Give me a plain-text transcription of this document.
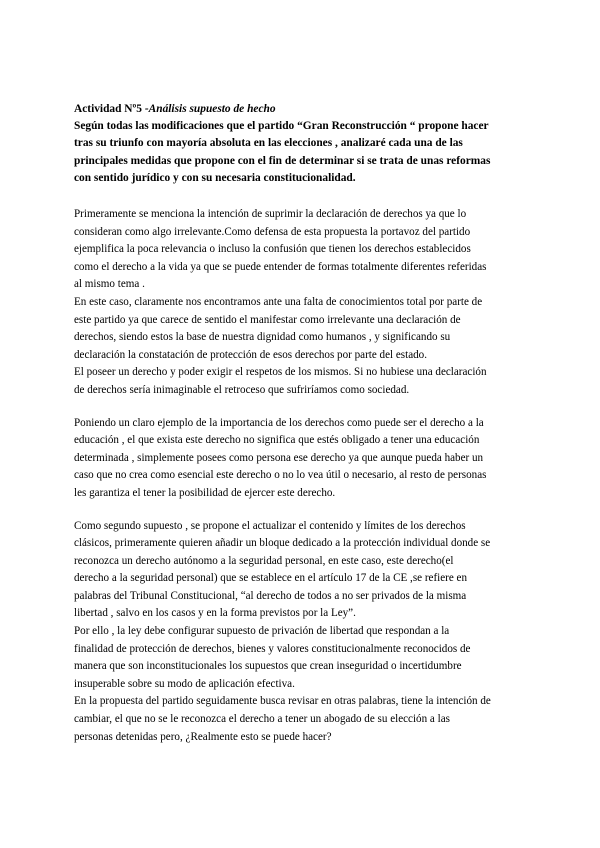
Actividad Nº5 -Análisis supuesto de hecho
Según todas las modificaciones que el partido “Gran Reconstrucción “ propone hacer
tras su triunfo con mayoría absoluta en las elecciones , analizaré cada una de las
principales medidas que propone con el fin de determinar si se trata de unas reformas
con sentido jurídico y con su necesaria constitucionalidad.
Primeramente se menciona la intención de suprimir la declaración de derechos ya que lo
consideran como algo irrelevante.Como defensa de esta propuesta la portavoz del partido
ejemplifica la poca relevancia o incluso la confusión que tienen los derechos establecidos
como el derecho a la vida ya que se puede entender de formas totalmente diferentes referidas
al mismo tema .
En este caso, claramente nos encontramos ante una falta de conocimientos total por parte de
este partido ya que carece de sentido el manifestar como irrelevante una declaración de
derechos, siendo estos la base de nuestra dignidad como humanos , y significando su
declaración la constatación de protección de esos derechos por parte del estado.
El poseer un derecho y poder exigir el respetos de los mismos. Si no hubiese una declaración
de derechos sería inimaginable el retroceso que sufriríamos como sociedad.
Poniendo un claro ejemplo de la importancia de los derechos como puede ser el derecho a la
educación , el que exista este derecho no significa que estés obligado a tener una educación
determinada , simplemente posees como persona ese derecho ya que aunque pueda haber un
caso que no crea como esencial este derecho o no lo vea útil o necesario, al resto de personas
les garantiza el tener la posibilidad de ejercer este derecho.
Como segundo supuesto , se propone el actualizar el contenido y límites de los derechos
clásicos, primeramente quieren añadir un bloque dedicado a la protección individual donde se
reconozca un derecho autónomo a la seguridad personal, en este caso, este derecho(el
derecho a la seguridad personal) que se establece en el artículo 17 de la CE ,se refiere en
palabras del Tribunal Constitucional, “al derecho de todos a no ser privados de la misma
libertad , salvo en los casos y en la forma previstos por la Ley”.
Por ello , la ley debe configurar supuesto de privación de libertad que respondan a la
finalidad de protección de derechos, bienes y valores constitucionalmente reconocidos de
manera que son inconstitucionales los supuestos que crean inseguridad o incertidumbre
insuperable sobre su modo de aplicación efectiva.
En la propuesta del partido seguidamente busca revisar en otras palabras, tiene la intención de
cambiar, el que no se le reconozca el derecho a tener un abogado de su elección a las
personas detenidas pero, ¿Realmente esto se puede hacer?
